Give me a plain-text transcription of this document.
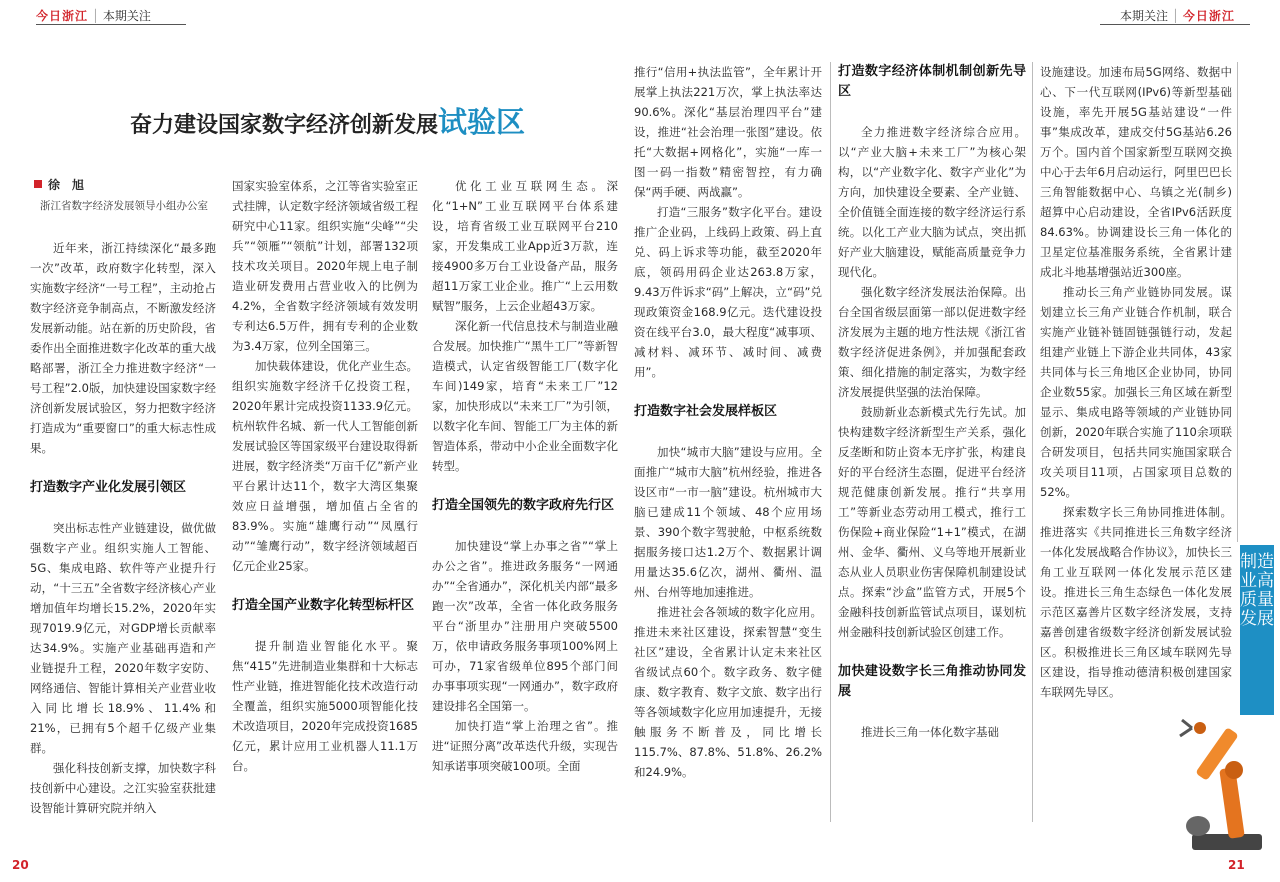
今日浙江 │ 本期关注
奋力建设国家数字经济创新发展试验区
徐　旭
浙江省数字经济发展领导小组办公室

近年来，浙江持续深化“最多跑一次”改革，政府数字化转型，深入实施数字经济“一号工程”，主动抢占数字经济竞争制高点，不断激发经济发展新动能。站在新的历史阶段，省委作出全面推进数字化改革的重大战略部署，浙江全力推进数字经济“一号工程”2.0版，加快建设国家数字经济创新发展试验区，努力把数字经济打造成为“重要窗口”的重大标志性成果。

打造数字产业化发展引领区

突出标志性产业链建设，做优做强数字产业。组织实施人工智能、5G、集成电路、软件等产业提升行动，“十三五”全省数字经济核心产业增加值年均增长15.2%，2020年实现7019.9亿元，对GDP增长贡献率达34.9%。实施产业基础再造和产业链提升工程，2020年数字安防、网络通信、智能计算相关产业营业收入同比增长18.9%、11.4%和21%，已拥有5个超千亿级产业集群。

强化科技创新支撑，加快数字科技创新中心建设。之江实验室获批建设智能计算研究院并纳入

国家实验室体系，之江等省实验室正式挂牌，认定数字经济领域省级工程研究中心11家。组织实施“尖峰”“尖兵”“领雁”“领航”计划，部署132项技术攻关项目。2020年规上电子制造业研发费用占营业收入的比例为4.2%，全省数字经济领域有效发明专利达6.5万件，拥有专利的企业数为3.4万家，位列全国第三。

加快载体建设，优化产业生态。组织实施数字经济千亿投资工程，2020年累计完成投资1133.9亿元。杭州软件名城、新一代人工智能创新发展试验区等国家级平台建设取得新进展，数字经济类“万亩千亿”新产业平台累计达11个，数字大湾区集聚效应日益增强，增加值占全省的83.9%。实施“雄鹰行动”“凤凰行动”“雏鹰行动”，数字经济领域超百亿元企业25家。

打造全国产业数字化转型标杆区

提升制造业智能化水平。聚焦“415”先进制造业集群和十大标志性产业链，推进智能化技术改造行动全覆盖，组织实施5000项智能化技术改造项目，2020年完成投资1685亿元，累计应用工业机器人11.1万台。

优化工业互联网生态。深化“1+N”工业互联网平台体系建设，培育省级工业互联网平台210家，开发集成工业App近3万款，连接4900多万台工业设备产品，服务超11万家工业企业。推广“上云用数赋智”服务，上云企业超43万家。

深化新一代信息技术与制造业融合发展。加快推广“黑牛工厂”等新智造模式，认定省级智能工厂(数字化车间)149家，培育“未来工厂”12家，加快形成以“未来工厂”为引领，以数字化车间、智能工厂为主体的新智造体系，带动中小企业全面数字化转型。

打造全国领先的数字政府先行区

加快建设“掌上办事之省”“掌上办公之省”。推进政务服务“一网通办”“全省通办”，深化机关内部“最多跑一次”改革，全省一体化政务服务平台“浙里办”注册用户突破5500万，依申请政务服务事项100%网上可办，71家省级单位895个部门间办事事项实现“一网通办”，数字政府建设排名全国第一。

加快打造“掌上治理之省”。推进“证照分离”改革迭代升级，实现告知承诺事项突破100项。全面

20
本期关注 │ 今日浙江

推行“信用+执法监管”，全年累计开展掌上执法221万次，掌上执法率达90.6%。深化“基层治理四平台”建设，推进“社会治理一张图”建设。依托“大数据+网格化”，实施“一库一图一码一指数”精密智控，有力确保“两手硬、两战赢”。

打造“三服务”数字化平台。建设推广企业码，上线码上政策、码上直兑、码上诉求等功能，截至2020年底，领码用码企业达263.8万家，9.43万件诉求“码”上解决，立“码”兑现政策资金168.9亿元。迭代建设投资在线平台3.0，最大程度“减事项、减材料、减环节、减时间、减费用”。

打造数字社会发展样板区

加快“城市大脑”建设与应用。全面推广“城市大脑”杭州经验，推进各设区市“一市一脑”建设。杭州城市大脑已建成11个领域、48个应用场景、390个数字驾驶舱，中枢系统数据服务接口达1.2万个、数据累计调用量达35.6亿次，湖州、衢州、温州、台州等地加速推进。

推进社会各领域的数字化应用。推进未来社区建设，探索智慧“变生社区”建设，全省累计认定未来社区省级试点60个。数字政务、数字健康、数字教育、数字文旅、数字出行等各领域数字化应用加速提升，无接触服务不断普及，同比增长115.7%、87.8%、51.8%、26.2%和24.9%。

打造数字经济体制机制创新先导区

全力推进数字经济综合应用。以“产业大脑+未来工厂”为核心架构，以“产业数字化、数字产业化”为方向，加快建设全要素、全产业链、全价值链全面连接的数字经济运行系统。以化工产业大脑为试点，突出抓好产业大脑建设，赋能高质量竞争力现代化。

强化数字经济发展法治保障。出台全国省级层面第一部以促进数字经济发展为主题的地方性法规《浙江省数字经济促进条例》，并加强配套政策、细化措施的制定落实，为数字经济发展提供坚强的法治保障。

鼓励新业态新模式先行先试。加快构建数字经济新型生产关系，强化反垄断和防止资本无序扩张，构建良好的平台经济生态圈，促进平台经济规范健康创新发展。推行“共享用工”等新业态劳动用工模式，推行工伤保险+商业保险“1+1”模式，在湖州、金华、衢州、义乌等地开展新业态从业人员职业伤害保障机制建设试点。探索“沙盒”监管方式，开展5个金融科技创新监管试点项目，谋划杭州金融科技创新试验区创建工作。

加快建设数字长三角推动协同发展

推进长三角一体化数字基础

设施建设。加速布局5G网络、数据中心、下一代互联网(IPv6)等新型基础设施，率先开展5G基站建设“一件事”集成改革，建成交付5G基站6.26万个。国内首个国家新型互联网交换中心于去年6月启动运行，阿里巴巴长三角智能数据中心、乌镇之光(制乡)超算中心启动建设，全省IPv6活跃度84.63%。协调建设长三角一体化的卫星定位基准服务系统，全省累计建成北斗地基增强站近300座。

推动长三角产业链协同发展。谋划建立长三角产业链合作机制，联合实施产业链补链固链强链行动，发起组建产业链上下游企业共同体，43家共同体与长三角地区企业协同，协同企业数55家。加强长三角区域在新型显示、集成电路等领域的产业链协同创新，2020年联合实施了110余项联合研发项目，包括共同实施国家联合攻关项目11项，占国家项目总数的52%。

探索数字长三角协同推进体制。推进落实《共同推进长三角数字经济一体化发展战略合作协议》，加快长三角工业互联网一体化发展示范区建设。推进长三角生态绿色一体化发展示范区嘉善片区数字经济发展，支持嘉善创建省级数字经济创新发展试验区。积极推进长三角区域车联网先导区建设，指导推动德清积极创建国家车联网先导区。

21
制造业高质量发展
